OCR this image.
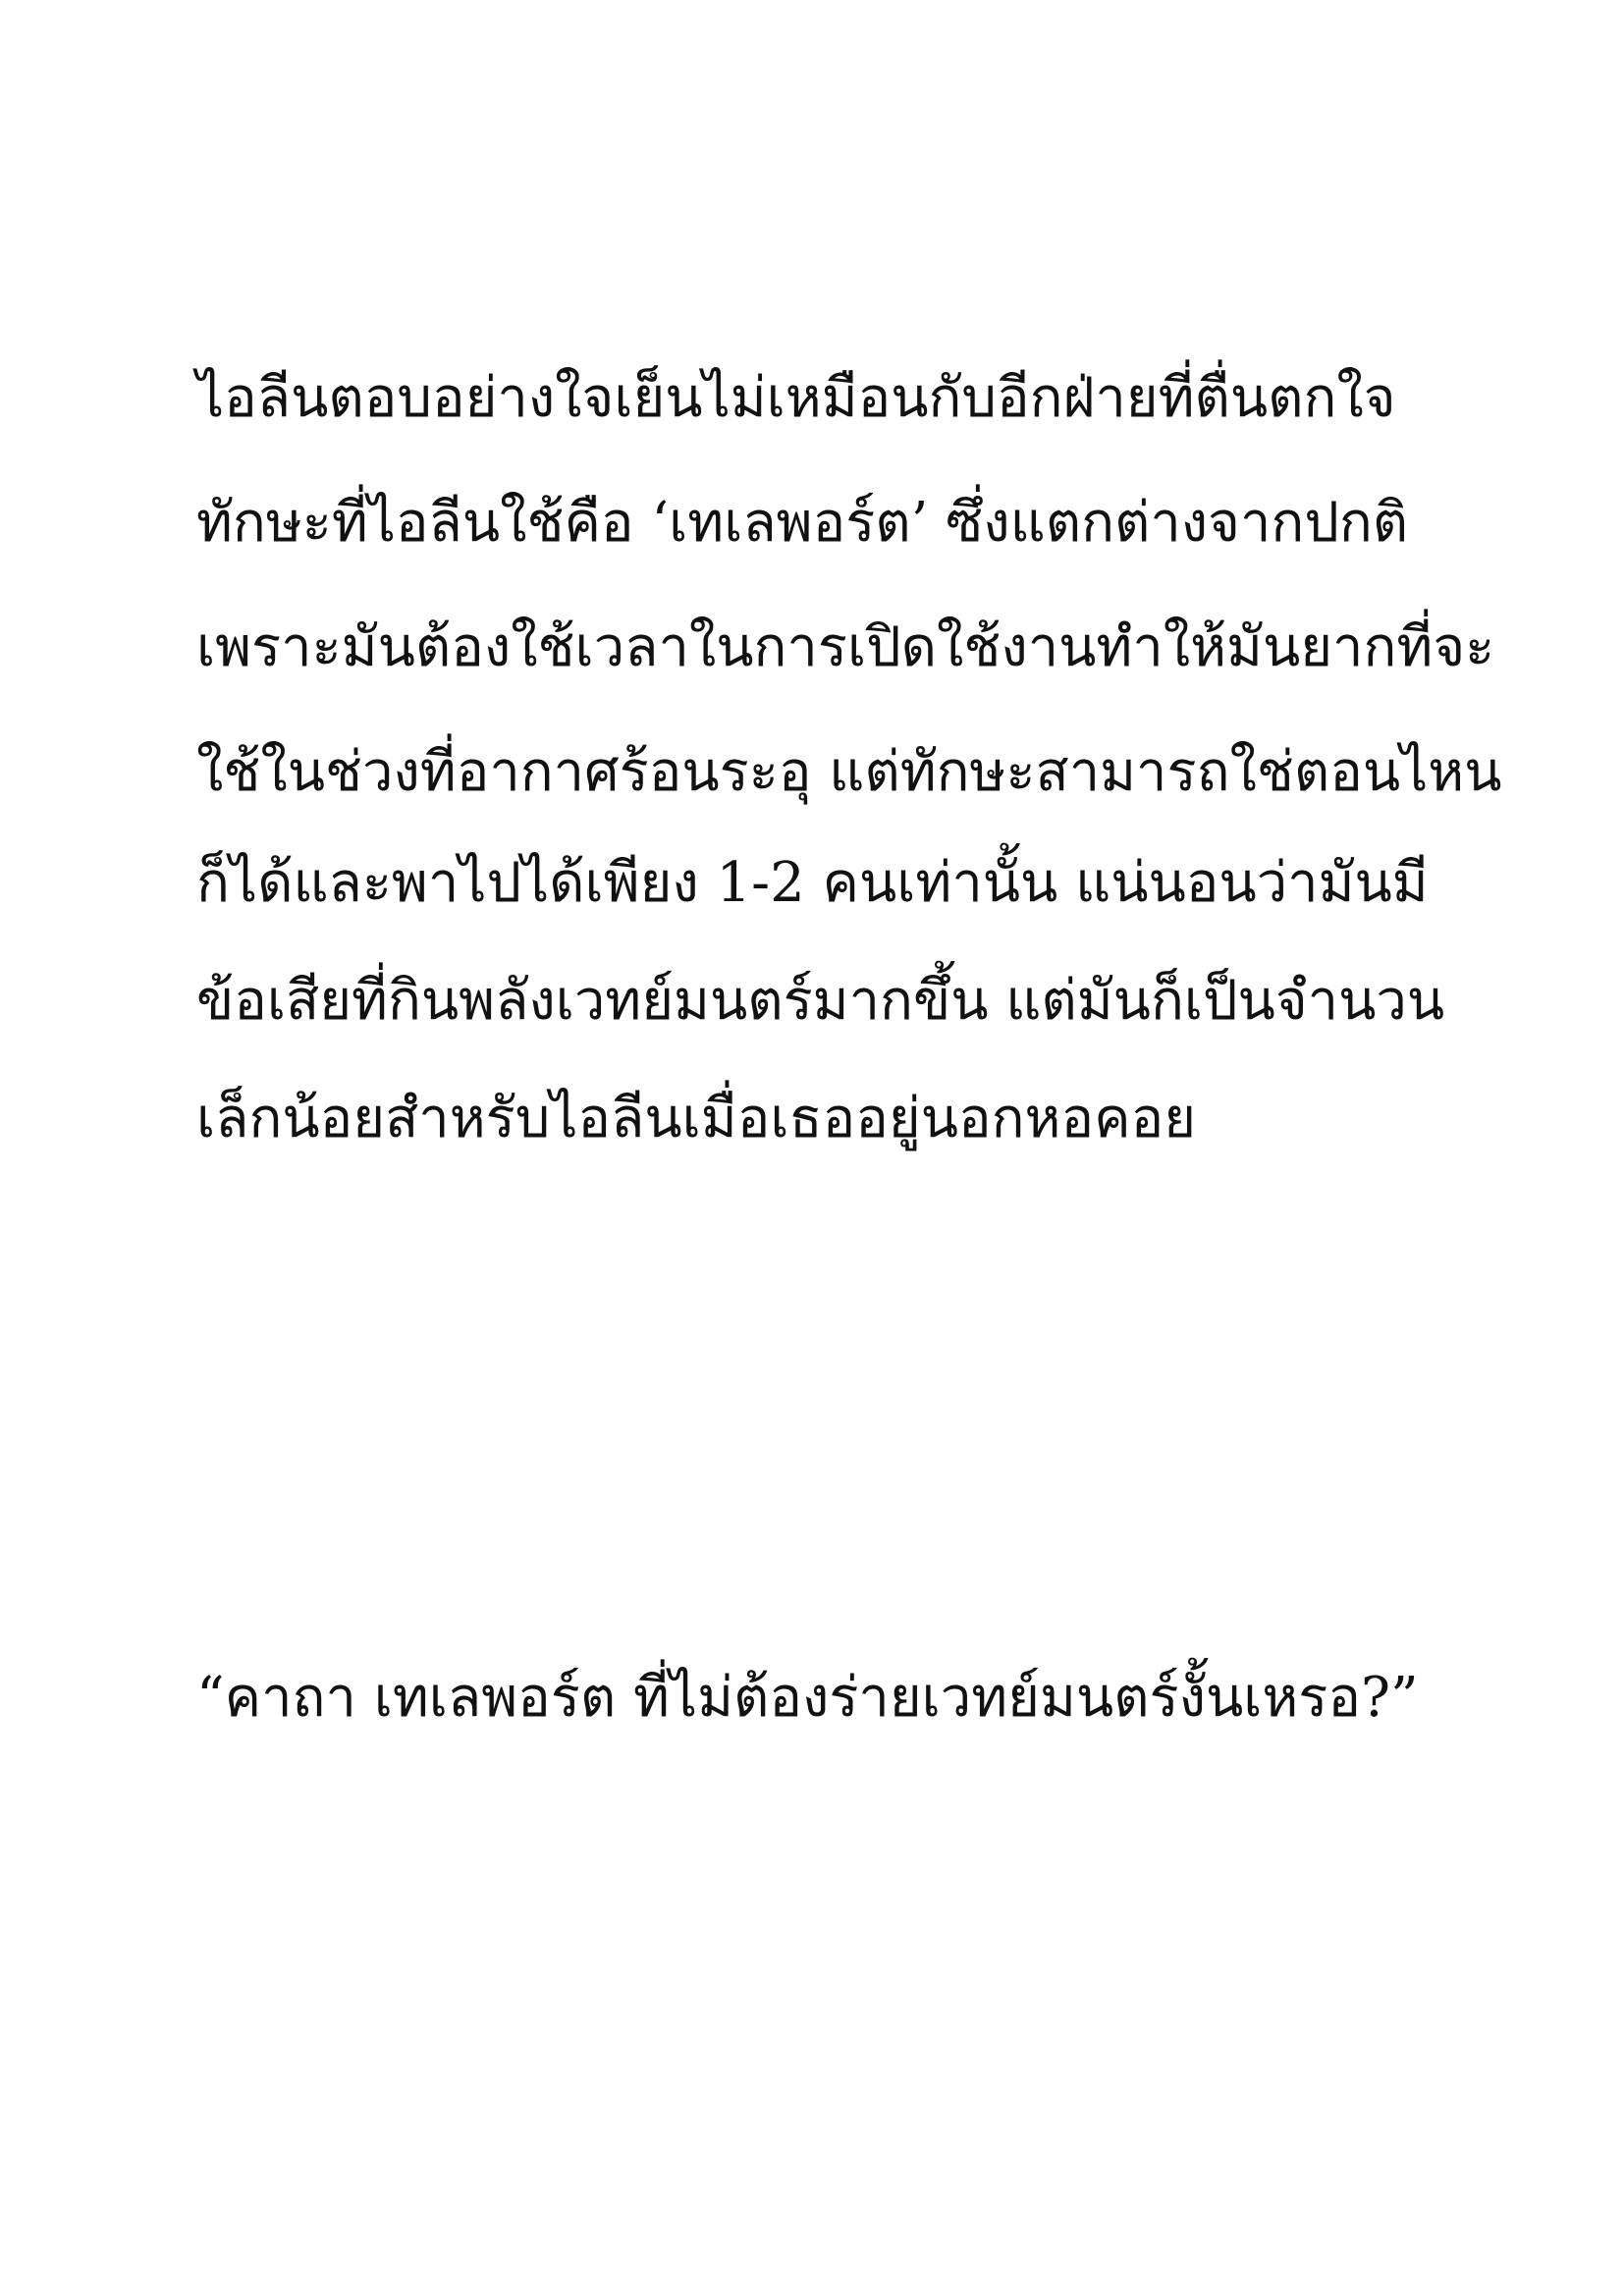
ไอลีนตอบอย่างใจเย็นไม่เหมือนกับอีกฝ่ายที่ตื่นตกใจ

ทักษะที่ไอลีนใช้คือ ‘เทเลพอร์ต’ ซึ่งแตกต่างจากปกติ

เพราะมันต้องใช้เวลาในการเปิดใช้งานทำให้มันยากที่จะ

ใช้ในช่วงที่อากาศร้อนระอุ แต่ทักษะสามารถใช่ตอนไหน

ก็ได้และพาไปได้เพียง 1-2 คนเท่านั้น แน่นอนว่ามันมี

ข้อเสียที่กินพลังเวทย์มนตร์มากขึ้น แต่มันก็เป็นจำนวน

เล็กน้อยสำหรับไอลีนเมื่อเธออยู่นอกหอคอย

“คาถา เทเลพอร์ต ที่ไม่ต้องร่ายเวทย์มนตร์งั้นเหรอ?”
